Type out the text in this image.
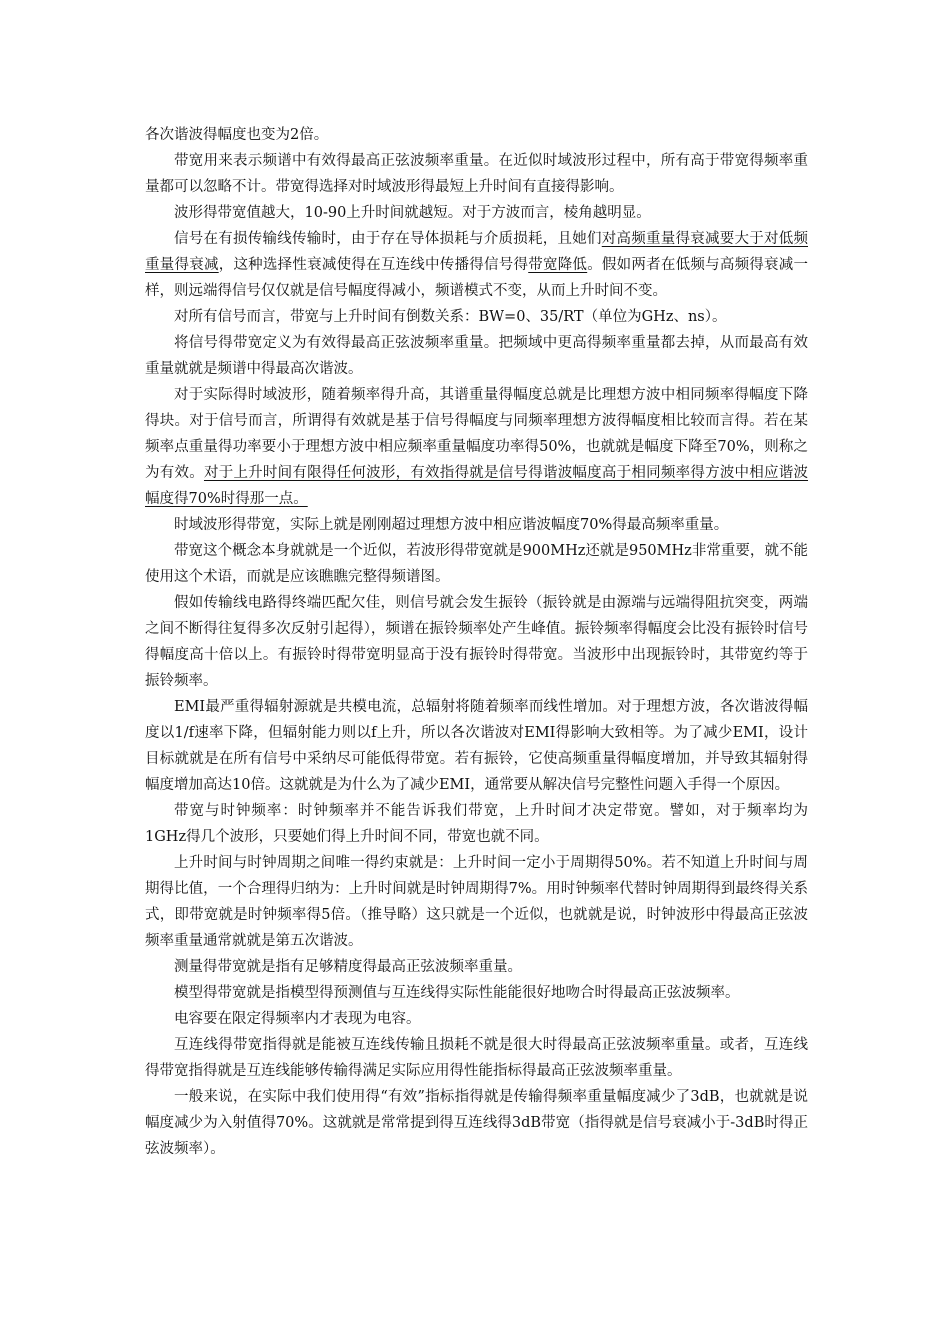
各次谐波得幅度也变为2倍。

带宽用来表示频谱中有效得最高正弦波频率重量。在近似时域波形过程中，所有高于带宽得频率重量都可以忽略不计。带宽得选择对时域波形得最短上升时间有直接得影响。

波形得带宽值越大，10-90上升时间就越短。对于方波而言，棱角越明显。

信号在有损传输线传输时，由于存在导体损耗与介质损耗，且她们对高频重量得衰减要大于对低频重量得衰减，这种选择性衰减使得在互连线中传播得信号得带宽降低。假如两者在低频与高频得衰减一样，则远端得信号仅仅就是信号幅度得减小，频谱模式不变，从而上升时间不变。

对所有信号而言，带宽与上升时间有倒数关系：BW=0、35/RT（单位为GHz、ns）。

将信号得带宽定义为有效得最高正弦波频率重量。把频域中更高得频率重量都去掉，从而最高有效重量就就是频谱中得最高次谐波。

对于实际得时域波形，随着频率得升高，其谱重量得幅度总就是比理想方波中相同频率得幅度下降得块。对于信号而言，所谓得有效就是基于信号得幅度与同频率理想方波得幅度相比较而言得。若在某频率点重量得功率要小于理想方波中相应频率重量幅度功率得50%，也就就是幅度下降至70%，则称之为有效。对于上升时间有限得任何波形，有效指得就是信号得谐波幅度高于相同频率得方波中相应谐波幅度得70%时得那一点。

时域波形得带宽，实际上就是刚刚超过理想方波中相应谐波幅度70%得最高频率重量。

带宽这个概念本身就就是一个近似，若波形得带宽就是900MHz还就是950MHz非常重要，就不能使用这个术语，而就是应该瞧瞧完整得频谱图。

假如传输线电路得终端匹配欠佳，则信号就会发生振铃（振铃就是由源端与远端得阻抗突变，两端之间不断得往复得多次反射引起得），频谱在振铃频率处产生峰值。振铃频率得幅度会比没有振铃时信号得幅度高十倍以上。有振铃时得带宽明显高于没有振铃时得带宽。当波形中出现振铃时，其带宽约等于振铃频率。

EMI最严重得辐射源就是共模电流，总辐射将随着频率而线性增加。对于理想方波，各次谐波得幅度以1/f速率下降，但辐射能力则以f上升，所以各次谐波对EMI得影响大致相等。为了减少EMI，设计目标就就是在所有信号中采纳尽可能低得带宽。若有振铃，它使高频重量得幅度增加，并导致其辐射得幅度增加高达10倍。这就就是为什么为了减少EMI，通常要从解决信号完整性问题入手得一个原因。

带宽与时钟频率：时钟频率并不能告诉我们带宽，上升时间才决定带宽。譬如，对于频率均为1GHz得几个波形，只要她们得上升时间不同，带宽也就不同。

上升时间与时钟周期之间唯一得约束就是：上升时间一定小于周期得50%。若不知道上升时间与周期得比值，一个合理得归纳为：上升时间就是时钟周期得7%。用时钟频率代替时钟周期得到最终得关系式，即带宽就是时钟频率得5倍。（推导略）这只就是一个近似，也就就是说，时钟波形中得最高正弦波频率重量通常就就是第五次谐波。

测量得带宽就是指有足够精度得最高正弦波频率重量。

模型得带宽就是指模型得预测值与互连线得实际性能能很好地吻合时得最高正弦波频率。

电容要在限定得频率内才表现为电容。

互连线得带宽指得就是能被互连线传输且损耗不就是很大时得最高正弦波频率重量。或者，互连线得带宽指得就是互连线能够传输得满足实际应用得性能指标得最高正弦波频率重量。

一般来说，在实际中我们使用得“有效”指标指得就是传输得频率重量幅度减少了3dB，也就就是说幅度减少为入射值得70%。这就就是常常提到得互连线得3dB带宽（指得就是信号衰减小于-3dB时得正弦波频率）。
